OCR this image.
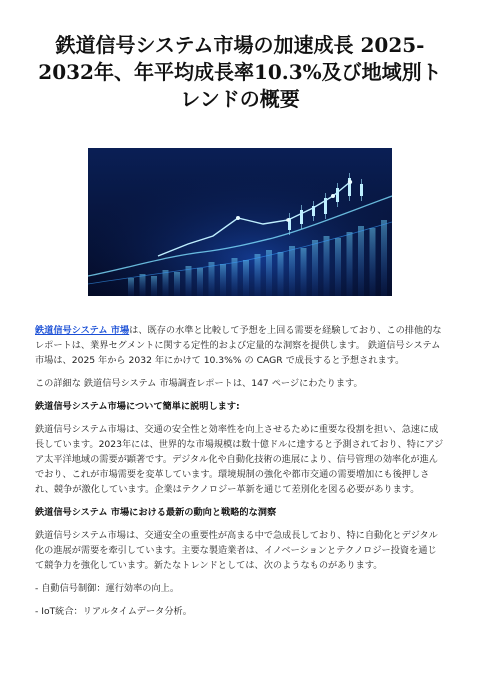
鉄道信号システム市場の加速成長 2025-2032年、年平均成長率10.3%及び地域別トレンドの概要

鉄道信号システム 市場は、既存の水準と比較して予想を上回る需要を経験しており、この排他的なレポートは、業界セグメントに関する定性的および定量的な洞察を提供します。 鉄道信号システム 市場は、2025 年から 2032 年にかけて 10.3%% の CAGR で成長すると予想されます。

この詳細な 鉄道信号システム 市場調査レポートは、147 ページにわたります。

鉄道信号システム市場について簡単に説明します:

鉄道信号システム市場は、交通の安全性と効率性を向上させるために重要な役割を担い、急速に成長しています。2023年には、世界的な市場規模は数十億ドルに達すると予測されており、特にアジア太平洋地域の需要が顕著です。デジタル化や自動化技術の進展により、信号管理の効率化が進んでおり、これが市場需要を変革しています。環境規制の強化や都市交通の需要増加にも後押しされ、競争が激化しています。企業はテクノロジー革新を通じて差別化を図る必要があります。

鉄道信号システム 市場における最新の動向と戦略的な洞察

鉄道信号システム市場は、交通安全の重要性が高まる中で急成長しており、特に自動化とデジタル化の進展が需要を牽引しています。主要な製造業者は、イノベーションとテクノロジー投資を通じて競争力を強化しています。新たなトレンドとしては、次のようなものがあります。

- 自動信号制御：運行効率の向上。

- IoT統合：リアルタイムデータ分析。
